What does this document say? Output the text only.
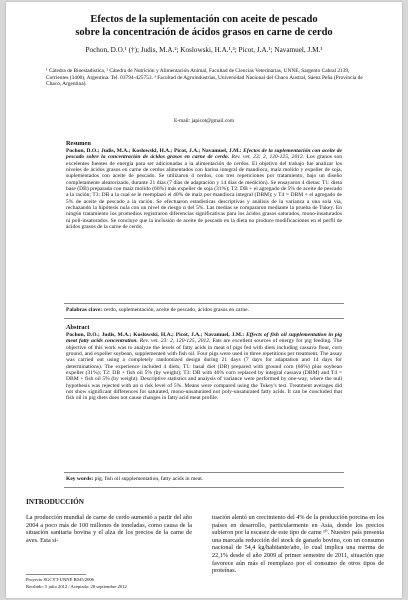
Efectos de la suplementación con aceite de pescado
sobre la concentración de ácidos grasos en carne de cerdo
Pochon, D.O.¹ (†); Judis, M.A.²; Koslowski, H.A.¹,³; Picot, J.A.¹; Navamuel, J.M.¹
¹ Cátedra de Bioestadística, ² Cátedra de Nutrición y Alimentación Animal, Facultad de Ciencias Veterinarias, UNNE, Sargento Cabral 2139, Corrientes (3400), Argentina. Tel. 03794-425753. ³ Facultad de Agroindustrias, Universidad Nacional del Chaco Austral, Sáenz Peña (Provincia de Chaco, Argentina).
E-mail: japicot@gmail.com
Resumen
Pochon, D.O.; Judis, M.A.; Koslowski, H.A.; Picot, J.A.; Navamuel, J.M.: Efectos de la suplementación con aceite de pescado sobre la concentración de ácidos grasos en carne de cerdo. Rev. vet. 23: 2, 120-125, 2012. Los granos son excelentes fuentes de energía para ser adicionadas a la alimentación de cerdos. El objetivo del trabajo fue analizar los niveles de ácidos grasos en carne de cerdos alimentados con harina integral de mandioca, maíz molido y expeller de soja, suplementados con aceite de pescado. Se utilizaron 4 cerdos, con tres repeticiones por tratamiento, bajo un diseño completamente aleatorizado, durante 21 días (7 días de adaptación y 14 días de medición). Se ensayaron 4 dietas: T1: dieta base (DB) preparada con maíz molido (66%) más expeller de soja (31%); T2: DB + el agregado de 5% de aceite de pescado a la ración; T3: DB a la cual se le reemplazó el 40% de maíz por mandioca integral (DBM); y T4 = DBM + el agregado de 5% de aceite de pescado a la ración. Se efectuaron estadísticas descriptivas y análisis de la varianza a una sola vía, rechazando la hipótesis nula con un nivel de riesgo α del 5%. Las medias se compararon mediante la prueba de Tukey. En ningún tratamiento los promedios registraron diferencias significativas para los ácidos grasos saturados, mono-insaturados ni poli-insaturados. Se concluye que la inclusión de aceite de pescado en la dieta no produce modificaciones en el perfil de ácidos grasos de la carne de cerdo.
Palabras clave: cerdo, suplementación, aceite de pescado, ácidos grasos en carne.
Abstract
Pochon, D.O.; Judis, M.A.; Koslowski, H.A.; Picot, J.A.; Navamuel, J.M.: Effects of fish oil supplementation in pig meat fatty acids concentration. Rev. vet. 23: 2, 120-125, 2012. Fats are excellent sources of energy for pig feeding. The objective of this work was to analyze the levels of fatty acids in meat of pigs fed with diets including cassava flour, corn ground, and expeller soybean, supplemented with fish oil. Four pigs were used in three repetitions per treatment. The assay was carried out using a completely randomized design during 21 days (7 days for adaptation and 14 days for determinations). The experience included 4 diets; T1: basal diet (DB) prepared with ground corn (66%) plus soybean expeller (31%); T2: DB + fish oil 5% (by weight); T3: DB with 40% corn replaced by integral cassava (DBM) and T4 = DBM + fish oil 5% (by weight). Descriptive statistics and analysis of variance were performed by one-way, where the null hypothesis was rejected with an α risk level of 5%. Means were compared using the Tukey's test. Treatment averages did not show significant differences for saturated, mono-unsaturated nor poly-unsaturated fatty acids. It can be concluded that fish oil in pig diets does not cause changes in fatty acid meat profile.
Key words: pig, fish oil supplementation, fatty acids in meat.
INTRODUCCIÓN
La producción mundial de carne de cerdo aumentó a partir del año 2004 a poco más de 100 millones de toneladas, como causa de la situación sanitaria bovina y el alza de los precios de la carne de aves. Esta si-
tuación alentó un crecimiento del 4% de la producción porcina en los países en desarrollo, particularmente en Asia, donde los precios subieron por la escasez de este tipo de carne ¹⁰. Nuestro país presenta una marcada reducción del stock de ganado bovino, con un consumo nacional de 54,4 kg/habitante/año, lo cual implica una merma de 22,1% desde el año 2009 al primer semestre de 2011, situación que favorece aún más el reemplazo por el consumo de otros tipos de proteínas.
Proyecto SGCYT-UNNE B045/2006
Recibido: 5 julio 2012 / Aceptado: 28 septiembre 2012
